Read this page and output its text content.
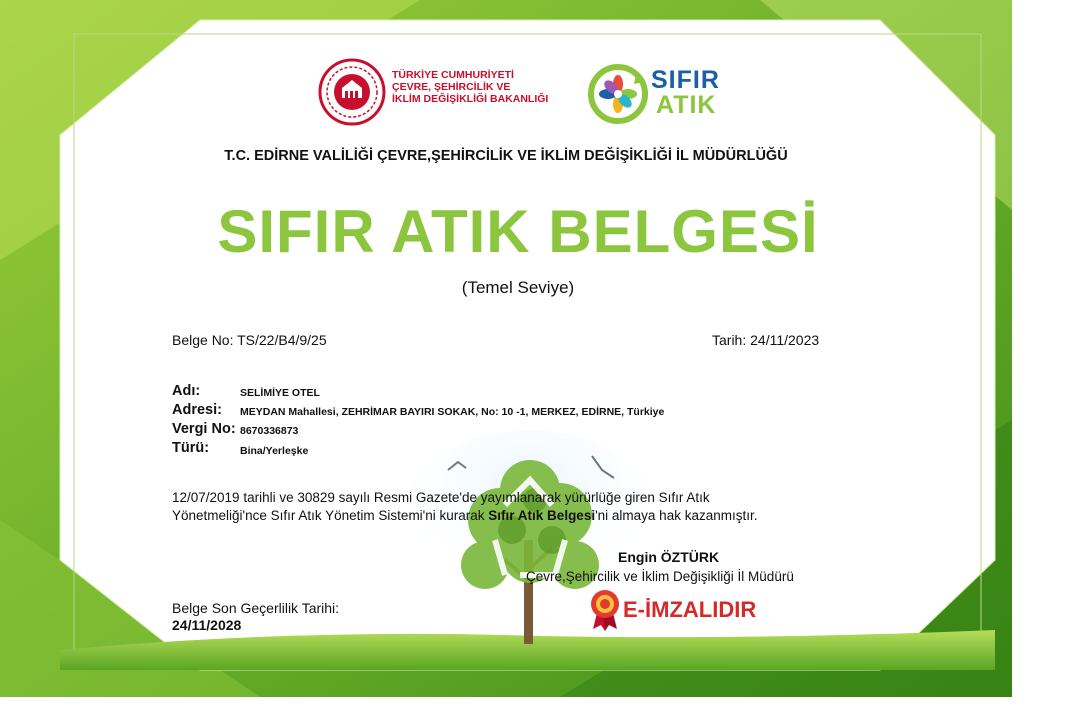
TÜRKİYE CUMHURİYETİ
ÇEVRE, ŞEHİRCİLİK VE
İKLİM DEĞİŞİKLİĞİ BAKANLIĞI
SIFIR
ATIK
T.C. EDİRNE VALİLİĞİ ÇEVRE,ŞEHİRCİLİK VE İKLİM DEĞİŞİKLİĞİ İL MÜDÜRLÜĞÜ
SIFIR ATIK BELGESİ
(Temel Seviye)
Belge No: TS/22/B4/9/25	Tarih: 24/11/2023
Adı:	SELİMİYE OTEL
Adresi: MEYDAN Mahallesi, ZEHRİMAR BAYIRI SOKAK, No: 10 -1, MERKEZ, EDİRNE, Türkiye
Vergi No: 8670336873
Türü:	Bina/Yerleşke
12/07/2019 tarihli ve 30829 sayılı Resmi Gazete'de yayımlanarak yürürlüğe giren Sıfır Atık
Yönetmeliği'nce Sıfır Atık Yönetim Sistemi'ni kurarak Sıfır Atık Belgesi'ni almaya hak kazanmıştır.
Engin ÖZTÜRK
Çevre,Şehircilik ve İklim Değişikliği İl Müdürü
E-İMZALIDIR
Belge Son Geçerlilik Tarihi:
24/11/2028
